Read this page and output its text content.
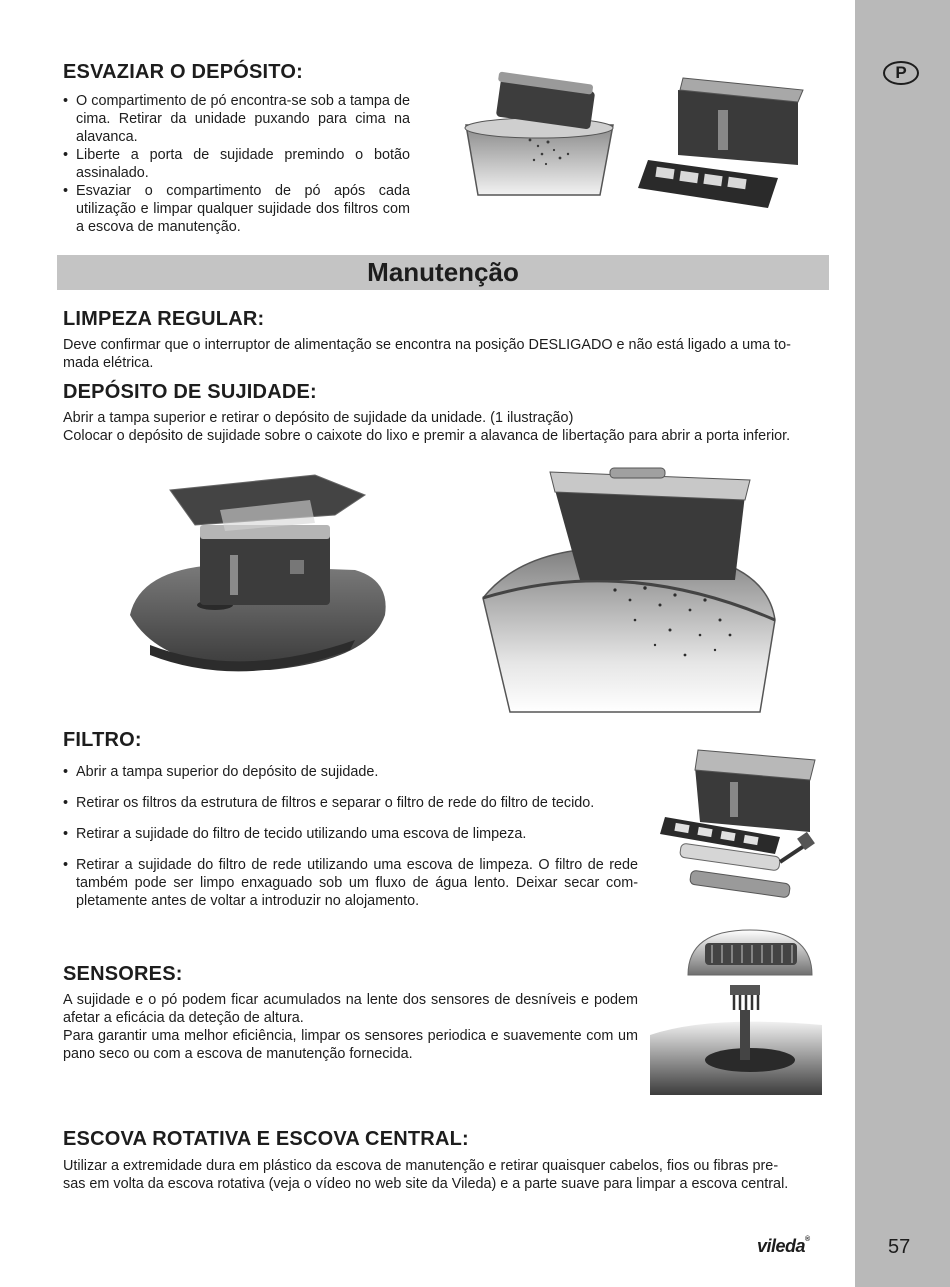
P
57
ESVAZIAR O DEPÓSITO:
• O compartimento de pó encontra-se sob a tampa de cima. Retirar da unidade puxando para cima na alavanca.
• Liberte a porta de sujidade premindo o botão assinalado.
• Esvaziar o compartimento de pó após cada utilização e limpar qualquer sujidade dos filtros com a escova de manutenção.
Manutenção
LIMPEZA REGULAR:
Deve confirmar que o interruptor de alimentação se encontra na posição DESLIGADO e não está ligado a uma to-
mada elétrica.
DEPÓSITO DE SUJIDADE:
Abrir a tampa superior e retirar o depósito de sujidade da unidade. (1 ilustração)
Colocar o depósito de sujidade sobre o caixote do lixo e premir a alavanca de libertação para abrir a porta inferior.
FILTRO:
• Abrir a tampa superior do depósito de sujidade.
• Retirar os filtros da estrutura de filtros e separar o filtro de rede do filtro de tecido.
• Retirar a sujidade do filtro de tecido utilizando uma escova de limpeza.
• Retirar a sujidade do filtro de rede utilizando uma escova de limpeza. O filtro de rede também pode ser limpo enxaguado sob um fluxo de água lento. Deixar secar com-pletamente antes de voltar a introduzir no alojamento.
SENSORES:
A sujidade e o pó podem ficar acumulados na lente dos sensores de desníveis e podem afetar a eficácia da deteção de altura.
Para garantir uma melhor eficiência, limpar os sensores periodica e suavemente com um pano seco ou com a escova de manutenção fornecida.
ESCOVA ROTATIVA E ESCOVA CENTRAL:
Utilizar a extremidade dura em plástico da escova de manutenção e retirar quaisquer cabelos, fios ou fibras pre-
sas em volta da escova rotativa (veja o vídeo no web site da Vileda) e a parte suave para limpar a escova central.
vileda®
